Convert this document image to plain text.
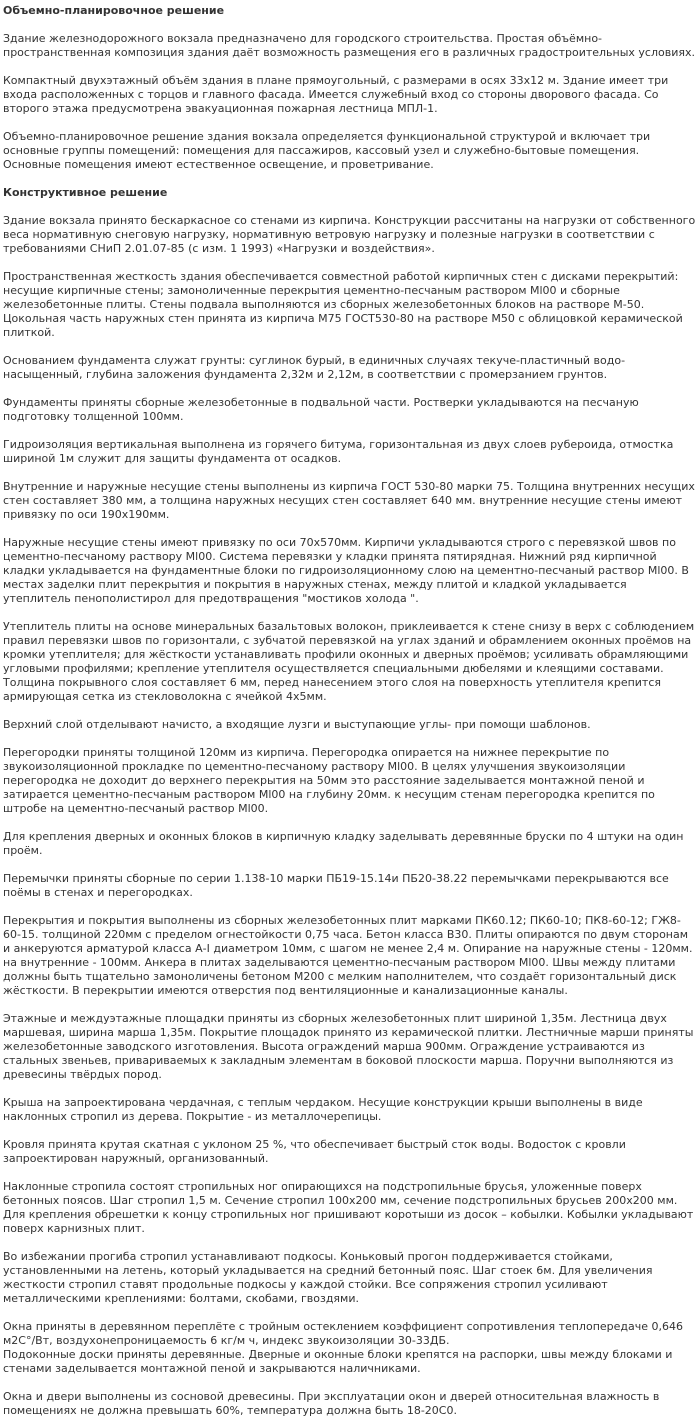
Объемно-планировочное решение

Здание железнодорожного вокзала предназначено для городского строительства. Простая объёмно-пространственная композиция здания даёт возможность размещения его в различных градостроительных условиях.

Компактный двухэтажный объём здания в плане прямоугольный, с размерами в осях 33х12 м. Здание имеет три входа расположенных с торцов и главного фасада. Имеется служебный вход со стороны дворового фасада. Со второго этажа предусмотрена эвакуационная пожарная лестница МПЛ-1.

Объемно-планировочное решение здания вокзала определяется функциональной структурой и включает три основные группы помещений: помещения для пассажиров, кассовый узел и служебно-бытовые помещения.
Основные помещения имеют естественное освещение, и проветривание.

Конструктивное решение

Здание вокзала принято бескаркасное со стенами из кирпича. Конструкции рассчитаны на нагрузки от собственного веса нормативную снеговую нагрузку, нормативную ветровую нагрузку и полезные нагрузки в соответствии с требованиями СНиП 2.01.07-85 (с изм. 1 1993) «Нагрузки и воздействия».

Пространственная жесткость здания обеспечивается совместной работой кирпичных стен с дисками перекрытий: несущие кирпичные стены; замоноличенные перекрытия цементно-песчаным раствором Мl00 и сборные железобетонные плиты. Стены подвала выполняются из сборных железобетонных блоков на растворе М-50. Цокольная часть наружных стен принята из кирпича М75 ГОСТ530-80 на растворе М50 с облицовкой керамической плиткой.

Основанием фундамента служат грунты: суглинок бурый, в единичных случаях текуче-пластичный водо-насыщенный, глубина заложения фундамента 2,32м и 2,12м, в соответствии с промерзанием грунтов.

Фундаменты приняты сборные железобетонные в подвальной части. Ростверки укладываются на песчаную подготовку толщенной 100мм.

Гидроизоляция вертикальная выполнена из горячего битума, горизонтальная из двух слоев рубероида, отмостка шириной 1м служит для защиты фундамента от осадков.

Внутренние и наружные несущие стены выполнены из кирпича ГОСТ 530-80 марки 75. Толщина внутренних несущих стен составляет 380 мм, а толщина наружных несущих стен составляет 640 мм. внутренние несущие стены имеют привязку по оси 190х190мм.

Наружные несущие стены имеют привязку по оси 70х570мм. Кирпичи укладываются строго с перевязкой швов по цементно-песчаному раствору Мl00. Система перевязки у кладки принята пятирядная. Нижний ряд кирпичной кладки укладывается на фундаментные блоки по гидроизоляционному слою на цементно-песчаный раствор Мl00. В местах заделки плит перекрытия и покрытия в наружных стенах, между плитой и кладкой укладывается утеплитель пенополистирол для предотвращения "мостиков холода ".

Утеплитель плиты на основе минеральных базальтовых волокон, приклеивается к стене снизу в верх с соблюдением правил перевязки швов по горизонтали, с зубчатой перевязкой на углах зданий и обрамлением оконных проёмов на кромки утеплителя; для жёсткости устанавливать профили оконных и дверных проёмов; усиливать обрамляющими угловыми профилями; крепление утеплителя осуществляется специальными дюбелями и клеящими составами. Толщина покрывного слоя составляет 6 мм, перед нанесением этого слоя на поверхность утеплителя крепится армирующая сетка из стекловолокна с ячейкой 4х5мм.

Верхний слой отделывают начисто, а входящие лузги и выступающие углы- при помощи шаблонов.

Перегородки приняты толщиной 120мм из кирпича. Перегородка опирается на нижнее перекрытие по звукоизоляционной прокладке по цементно-песчаному раствору Мl00. В целях улучшения звукоизоляции перегородка не доходит до верхнего перекрытия на 50мм это расстояние заделывается монтажной пеной и затирается цементно-песчаным раствором Мl00 на глубину 20мм. к несущим стенам перегородка крепится по штробе на цементно-песчаный раствор Мl00.

Для крепления дверных и оконных блоков в кирпичную кладку заделывать деревянные бруски по 4 штуки на один проём.

Перемычки приняты сборные по серии 1.138-10 марки ПБ19-15.14и ПБ20-38.22 перемычками перекрываются все поёмы в стенах и перегородках.

Перекрытия и покрытия выполнены из сборных железобетонных плит марками ПК60.12; ПК60-10; ПК8-60-12; ГЖ8-60-15. толщиной 220мм с пределом огнестойкости 0,75 часа. Бетон класса В30. Плиты опираются по двум сторонам и анкеруются арматурой класса А-I диаметром 10мм, с шагом не менее 2,4 м. Опирание на наружные стены - 120мм. на внутренние - 100мм. Анкера в плитах заделываются цементно-песчаным раствором Мl00. Швы между плитами должны быть тщательно замоноличены бетоном М200 с мелким наполнителем, что создаёт горизонтальный диск жёсткости. В перекрытии имеются отверстия под вентиляционные и канализационные каналы.

Этажные и междуэтажные площадки приняты из сборных железобетонных плит шириной 1,35м. Лестница двух маршевая, ширина марша 1,35м. Покрытие площадок принято из керамической плитки. Лестничные марши приняты железобетонные заводского изготовления. Высота ограждений марша 900мм. Ограждение устраиваются из стальных звеньев, привариваемых к закладным элементам в боковой плоскости марша. Поручни выполняются из древесины твёрдых пород.

Крыша на запроектирована чердачная, с теплым чердаком. Несущие конструкции крыши выполнены в виде наклонных стропил из дерева. Покрытие - из металлочерепицы.

Кровля принята крутая скатная с уклоном 25 %, что обеспечивает быстрый сток воды. Водосток с кровли запроектирован наружный, организованный.

Наклонные стропила состоят стропильных ног опирающихся на подстропильные брусья, уложенные поверх бетонных поясов. Шаг стропил 1,5 м. Сечение стропил 100х200 мм, сечение подстропильных брусьев 200х200 мм. Для крепления обрешетки к концу стропильных ног пришивают коротыши из досок – кобылки. Кобылки укладывают поверх карнизных плит.

Во избежании прогиба стропил устанавливают подкосы. Коньковый прогон поддерживается стойками, установленными на летень, который укладывается на средний бетонный пояс. Шаг стоек 6м. Для увеличения жесткости стропил ставят продольные подкосы у каждой стойки. Все сопряжения стропил усиливают металлическими креплениями: болтами, скобами, гвоздями.

Окна приняты в деревянном переплёте с тройным остеклением коэффициент сопротивления теплопередаче 0,646 м2С°/Вт, воздухонепроницаемость 6 кг/м ч, индекс звукоизоляции 30-33ДБ.
Подоконные доски приняты деревянные. Дверные и оконные блоки крепятся на распорки, швы между блоками и стенами заделывается монтажной пеной и закрываются наличниками.

Окна и двери выполнены из сосновой древесины. При эксплуатации окон и дверей относительная влажность в помещениях не должна превышать 60%, температура должна быть 18-20С0.
